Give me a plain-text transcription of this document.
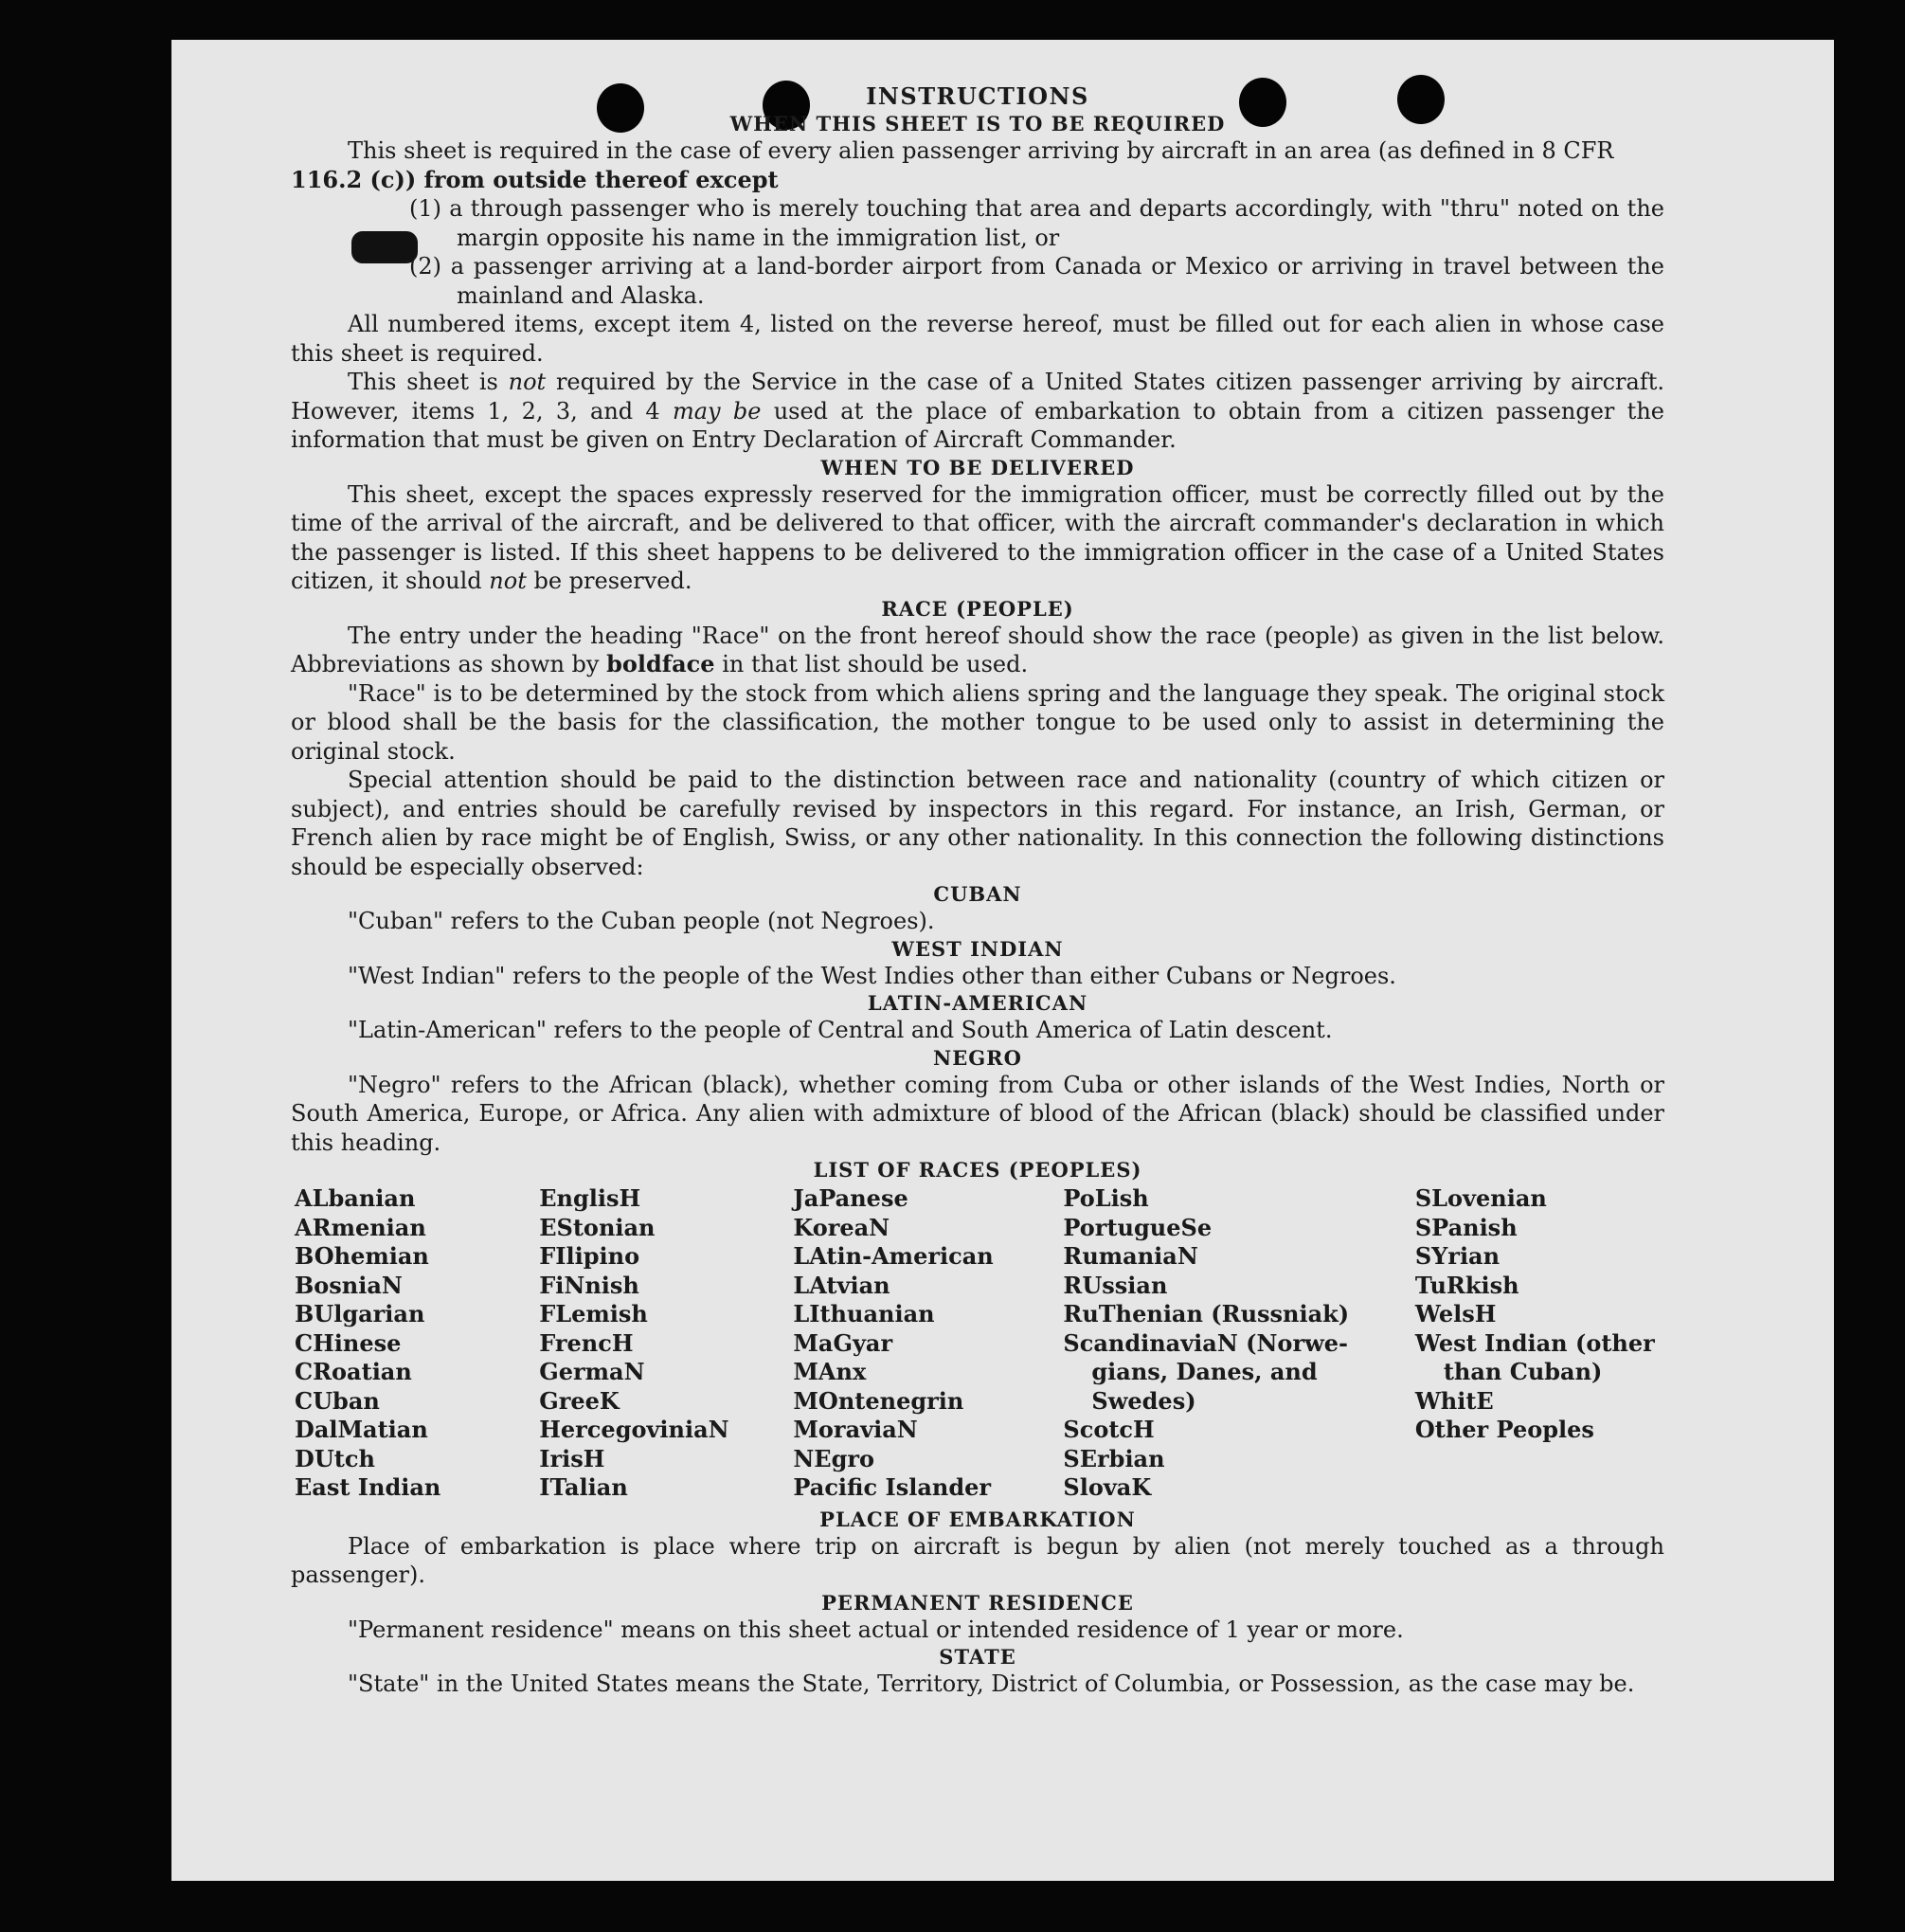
INSTRUCTIONS
WHEN THIS SHEET IS TO BE REQUIRED

This sheet is required in the case of every alien passenger arriving by aircraft in an area (as defined in 8 CFR

116.2 (c)) from outside thereof except

(1) a through passenger who is merely touching that area and departs accordingly, with "thru" noted on the margin opposite his name in the immigration list, or

(2) a passenger arriving at a land-border airport from Canada or Mexico or arriving in travel between the mainland and Alaska.

All numbered items, except item 4, listed on the reverse hereof, must be filled out for each alien in whose case this sheet is required.

This sheet is not required by the Service in the case of a United States citizen passenger arriving by aircraft. However, items 1, 2, 3, and 4 may be used at the place of embarkation to obtain from a citizen passenger the information that must be given on Entry Declaration of Aircraft Commander.

WHEN TO BE DELIVERED

This sheet, except the spaces expressly reserved for the immigration officer, must be correctly filled out by the time of the arrival of the aircraft, and be delivered to that officer, with the aircraft commander's declaration in which the passenger is listed. If this sheet happens to be delivered to the immigration officer in the case of a United States citizen, it should not be preserved.

RACE (PEOPLE)

The entry under the heading "Race" on the front hereof should show the race (people) as given in the list below. Abbreviations as shown by boldface in that list should be used.

"Race" is to be determined by the stock from which aliens spring and the language they speak. The original stock or blood shall be the basis for the classification, the mother tongue to be used only to assist in determining the original stock.

Special attention should be paid to the distinction between race and nationality (country of which citizen or subject), and entries should be carefully revised by inspectors in this regard. For instance, an Irish, German, or French alien by race might be of English, Swiss, or any other nationality. In this connection the following distinctions should be especially observed:

CUBAN

"Cuban" refers to the Cuban people (not Negroes).

WEST INDIAN

"West Indian" refers to the people of the West Indies other than either Cubans or Negroes.

LATIN-AMERICAN

"Latin-American" refers to the people of Central and South America of Latin descent.

NEGRO

"Negro" refers to the African (black), whether coming from Cuba or other islands of the West Indies, North or South America, Europe, or Africa. Any alien with admixture of blood of the African (black) should be classified under this heading.

LIST OF RACES (PEOPLES)
ALbanian
ARmenian
BOhemian
BosniaN
BUlgarian
CHinese
CRoatian
CUban
DalMatian
DUtch
East Indian
EnglisH
EStonian
FIlipino
FiNnish
FLemish
FrencH
GermaN
GreeK
HercegoviniaN
IrisH
ITalian
JaPanese
KoreaN
LAtin-American
LAtvian
LIthuanian
MaGyar
MAnx
MOntenegrin
MoraviaN
NEgro
Pacific Islander
PoLish
PortugueSe
RumaniaN
RUssian
RuThenian (Russniak)
ScandinaviaN (Norwe-
gians, Danes, and
Swedes)
ScotcH
SErbian
SlovaK
SLovenian
SPanish
SYrian
TuRkish
WelsH
West Indian (other
than Cuban)
WhitE
Other Peoples
PLACE OF EMBARKATION

Place of embarkation is place where trip on aircraft is begun by alien (not merely touched as a through passenger).

PERMANENT RESIDENCE

"Permanent residence" means on this sheet actual or intended residence of 1 year or more.

STATE

"State" in the United States means the State, Territory, District of Columbia, or Possession, as the case may be.
